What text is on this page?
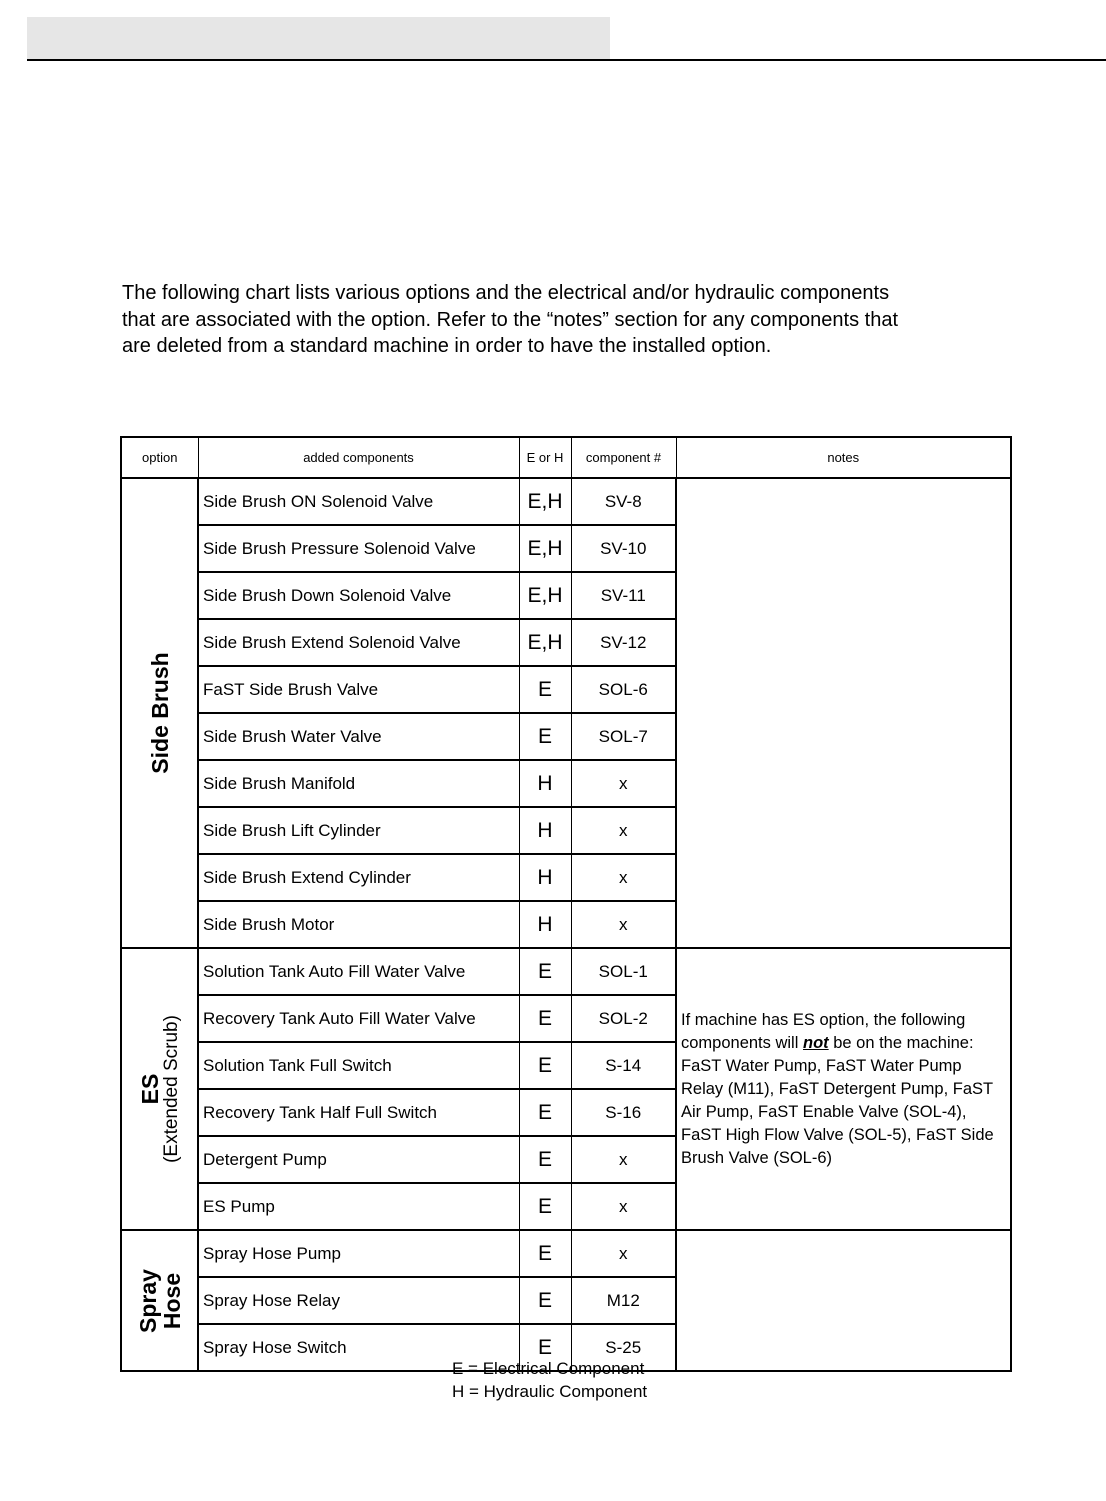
The following chart lists various options and the electrical and/or hydraulic components
that are associated with the option. Refer to the “notes” section for any components that
are deleted from a standard machine in order to have the installed option.

option	added components	E or H	component #	notes

Side Brush	Side Brush ON Solenoid Valve	E,H	SV-8	
	Side Brush Pressure Solenoid Valve	E,H	SV-10	
	Side Brush Down Solenoid Valve	E,H	SV-11	
	Side Brush Extend Solenoid Valve	E,H	SV-12	
	FaST Side Brush Valve	E	SOL-6	
	Side Brush Water Valve	E	SOL-7	
	Side Brush Manifold	H	x	
	Side Brush Lift Cylinder	H	x	
	Side Brush Extend Cylinder	H	x	
	Side Brush Motor	H	x	

ES
(Extended Scrub)	Solution Tank Auto Fill Water Valve	E	SOL-1	If machine has ES option, the following components will not be on the machine: FaST Water Pump, FaST Water Pump Relay (M11), FaST Detergent Pump, FaST Air Pump, FaST Enable Valve (SOL-4), FaST High Flow Valve (SOL-5), FaST Side Brush Valve (SOL-6)
	Recovery Tank Auto Fill Water Valve	E	SOL-2	
	Solution Tank Full Switch	E	S-14	
	Recovery Tank Half Full Switch	E	S-16	
	Detergent Pump	E	x	
	ES Pump	E	x	

Spray
Hose	Spray Hose Pump	E	x	
	Spray Hose Relay	E	M12	
	Spray Hose Switch	E	S-25	
E = Electrical Component
H = Hydraulic Component
